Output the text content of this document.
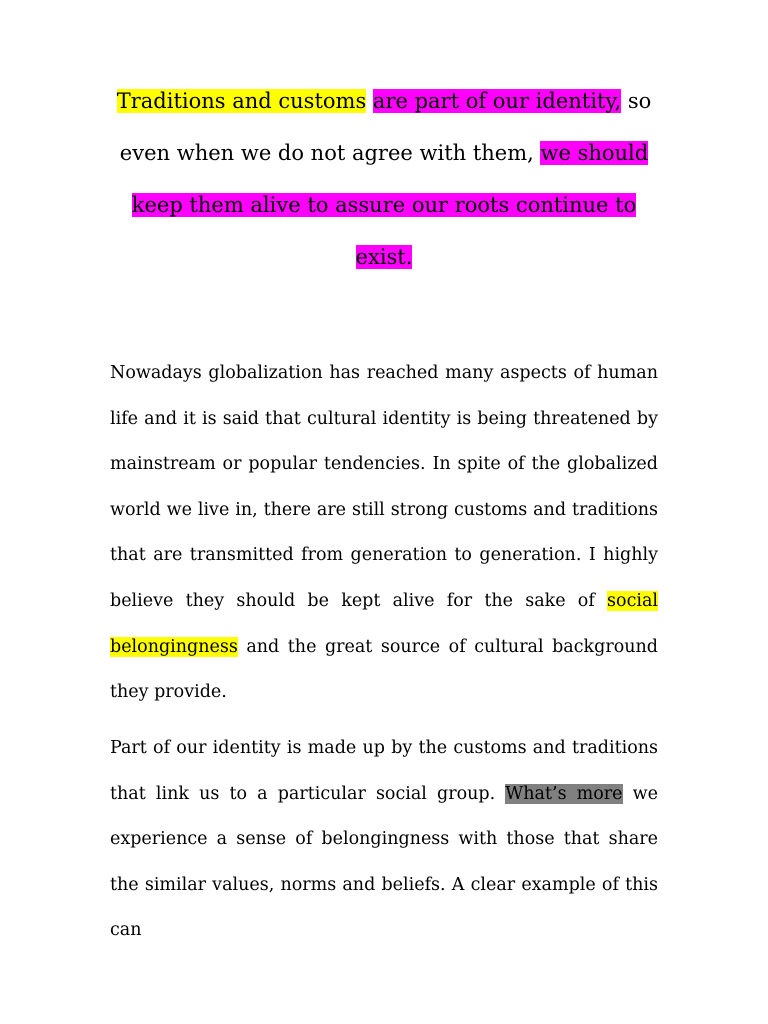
Traditions and customs are part of our identity, so even when we do not agree with them, we should keep them alive to assure our roots continue to exist.

Nowadays globalization has reached many aspects of human life and it is said that cultural identity is being threatened by mainstream or popular tendencies. In spite of the globalized world we live in, there are still strong customs and traditions that are transmitted from generation to generation. I highly believe they should be kept alive for the sake of social belongingness and the great source of cultural background they provide.

Part of our identity is made up by the customs and traditions that link us to a particular social group. What’s more we experience a sense of belongingness with those that share the similar values, norms and beliefs. A clear example of this can
